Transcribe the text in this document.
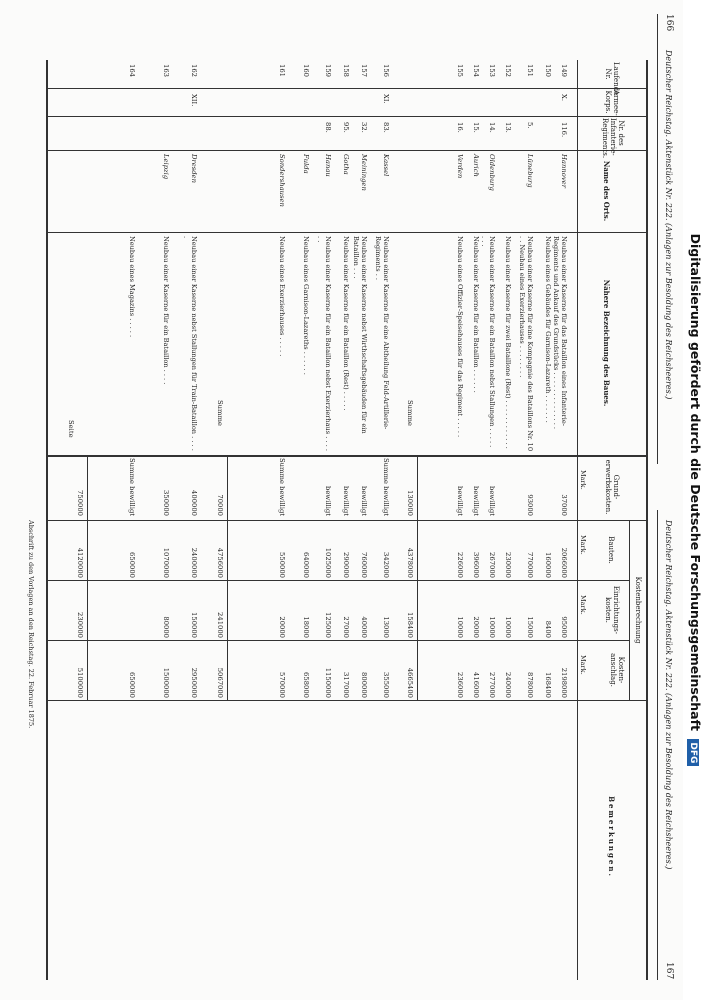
166
Deutscher Reichstag. Aktenstück Nr. 222. (Anlagen zur Besoldung des Reichsheeres.)
Deutscher Reichstag. Aktenstück Nr. 222. (Anlagen zur Besoldung des Reichsheeres.)
167
Laufende Nr.
Armee-Korps.
Nr. des Infanterie-Regiments.
Name des Orts.
Nähere Bezeichnung des Baues.
Grund-erwerbskosten.
Kostenberechnung
Bauten.
Einrichtungs-kosten.
Kosten-anschlag.
Bemerkungen.
Mark.
Mark.
Mark.
Mark.
149
X.
116.
Hannover
Neubau einer Kaserne für das Bataillon eines Infanterie-Regiments und Ankauf des Grundstücks . . . . . . . . . . . . . .
37000
2066000
95000
2198000
150
Neubau eines Gebäudes für Garnison-Lazareth . . . . . . .
160000
8400
168400
151
5.
Lüneburg
Neubau einer Kaserne für eine Kompagnie des Bataillons Nr. 10 . . Neubau eines Exerzierhauses . . . . . . . .
93000
770000
15000
878000
152
13.
Neubau einer Kaserne für zwei Bataillone (Rest) . . . . . . . . . . . .
230000
10000
240000
153
14.
Oldenburg
Neubau einer Kaserne für ein Bataillon nebst Stallungen . . . . . . . .
bewilligt
267000
10000
277000
154
15.
Aurich
Neubau einer Kaserne für ein Bataillon . . . . . .
bewilligt
396000
20000
416000
155
16.
Verden
Neubau eines Offizier-Speisehauses für das Regiment . . . . .
bewilligt
226000
10000
236000
156
XI.
83.
Kassel
Neubau einer Kaserne für eine Abtheilung Feld-Artillerie-Regiments . .
Summe bewilligt
342000
13000
355000
157
32.
Meiningen
Neubau einer Kaserne nebst Wirthschaftsgebäuden für ein Bataillon . . .
bewilligt
760000
40000
800000
158
95.
Gotha
Neubau einer Kaserne für ein Bataillon (Rest) . . . . .
bewilligt
290000
27000
317000
159
88.
Hanau
Neubau einer Kaserne für ein Bataillon nebst Exerzierhaus . . . . . .
bewilligt
1025000
125000
1150000
160
Fulda
Neubau eines Garnison-Lazareths . . . . . .
640000
18000
658000
161
Sondershausen
Neubau eines Exerzierhauses . . . . .
Summe bewilligt
550000
20000
570000
162
XII.
Dresden
Neubau einer Kaserne nebst Stallungen für Train-Bataillon . . . . .
400000
2400000
150000
2950000
163
Leipzig
Neubau einer Kaserne für ein Bataillon . . . .
350000
1070000
80000
1500000
164
Neubau eines Magazins . . . . .
Summe bewilligt
650000
650000
130000
4378000
158400
4665400
Summe
70000
4756000
241000
5067000
Summe
750000
4120000
230000
5100000
Seite
Abschrift zu den Vorlagen an den Reichstag. 22. Februar 1875.	Digitalisierung gefördert durch die Deutsche Forschungsgemeinschaft DFG
